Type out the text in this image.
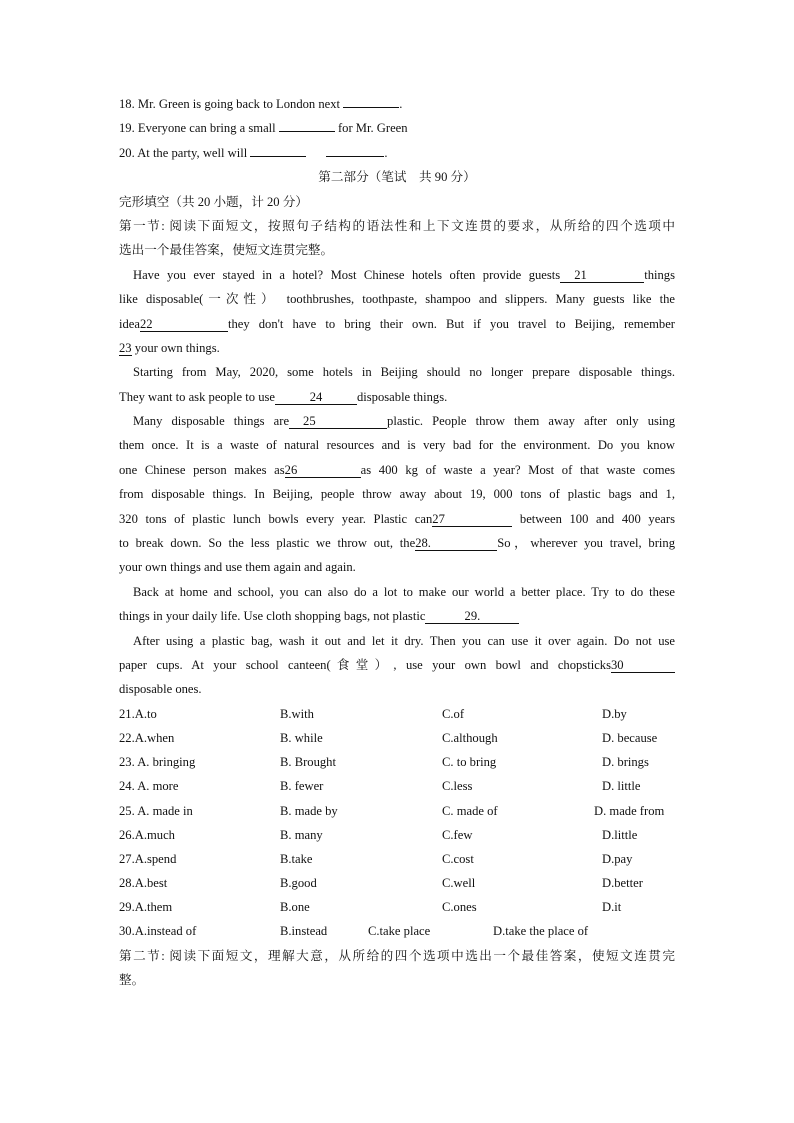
18. Mr. Green is going back to London next	.
19. Everyone can bring a small	for Mr. Green
20. At the party, well will	.
第二部分（笔试　共 90 分）
完形填空（共 20 小题，计 20 分）
第一节: 阅读下面短文，按照句子结构的语法性和上下文连贯的要求，从所给的四个选项中
选出一个最佳答案，使短文连贯完整。
Have you ever stayed in a hotel? Most Chinese hotels often provide guests 21	things
like disposable(一次性） toothbrushes, toothpaste, shampoo and slippers. Many guests like the
idea22	they don't have to bring their own. But if you travel to Beijing, remember
23 your own things.
Starting from May, 2020, some hotels in Beijing should no longer prepare disposable things.
They want to ask people to use	24	disposable things.
Many disposable things are 25	plastic. People throw them away after only using
them once. It is a waste of natural resources and is very bad for the environment. Do you know
one Chinese person makes as26	as 400 kg of waste a year? Most of that waste comes
from disposable things. In Beijing, people throw away about 19, 000 tons of plastic bags and 1,
320 tons of plastic lunch bowls every year. Plastic can27	between 100 and 400 years
to break down. So the less plastic we throw out, the28.	So，wherever you travel, bring
your own things and use them again and again.
Back at home and school, you can also do a lot to make our world a better place. Try to do these
things in your daily life. Use cloth shopping bags, not plastic	29.
After using a plastic bag, wash it out and let it dry. Then you can use it over again. Do not use
paper cups. At your school canteen(食堂）, use your own bowl and chopsticks30
disposable ones.
21.A.to	B.with	C.of	D.by
22.A.when	B. while	C.although	D. because
23. A. bringing	B. Brought	C. to bring	D. brings
24. A. more	B. fewer	C.less	D. little
25. A. made in	B. made by	C. made of	D. made from
26.A.much	B. many	C.few	D.little
27.A.spend	B.take	C.cost	D.pay
28.A.best	B.good	C.well	D.better
29.A.them	B.one	C.ones	D.it
30.A.instead of	B.instead	C.take place	D.take the place of
第二节: 阅读下面短文，理解大意，从所给的四个选项中选出一个最佳答案，使短文连贯完
整。
